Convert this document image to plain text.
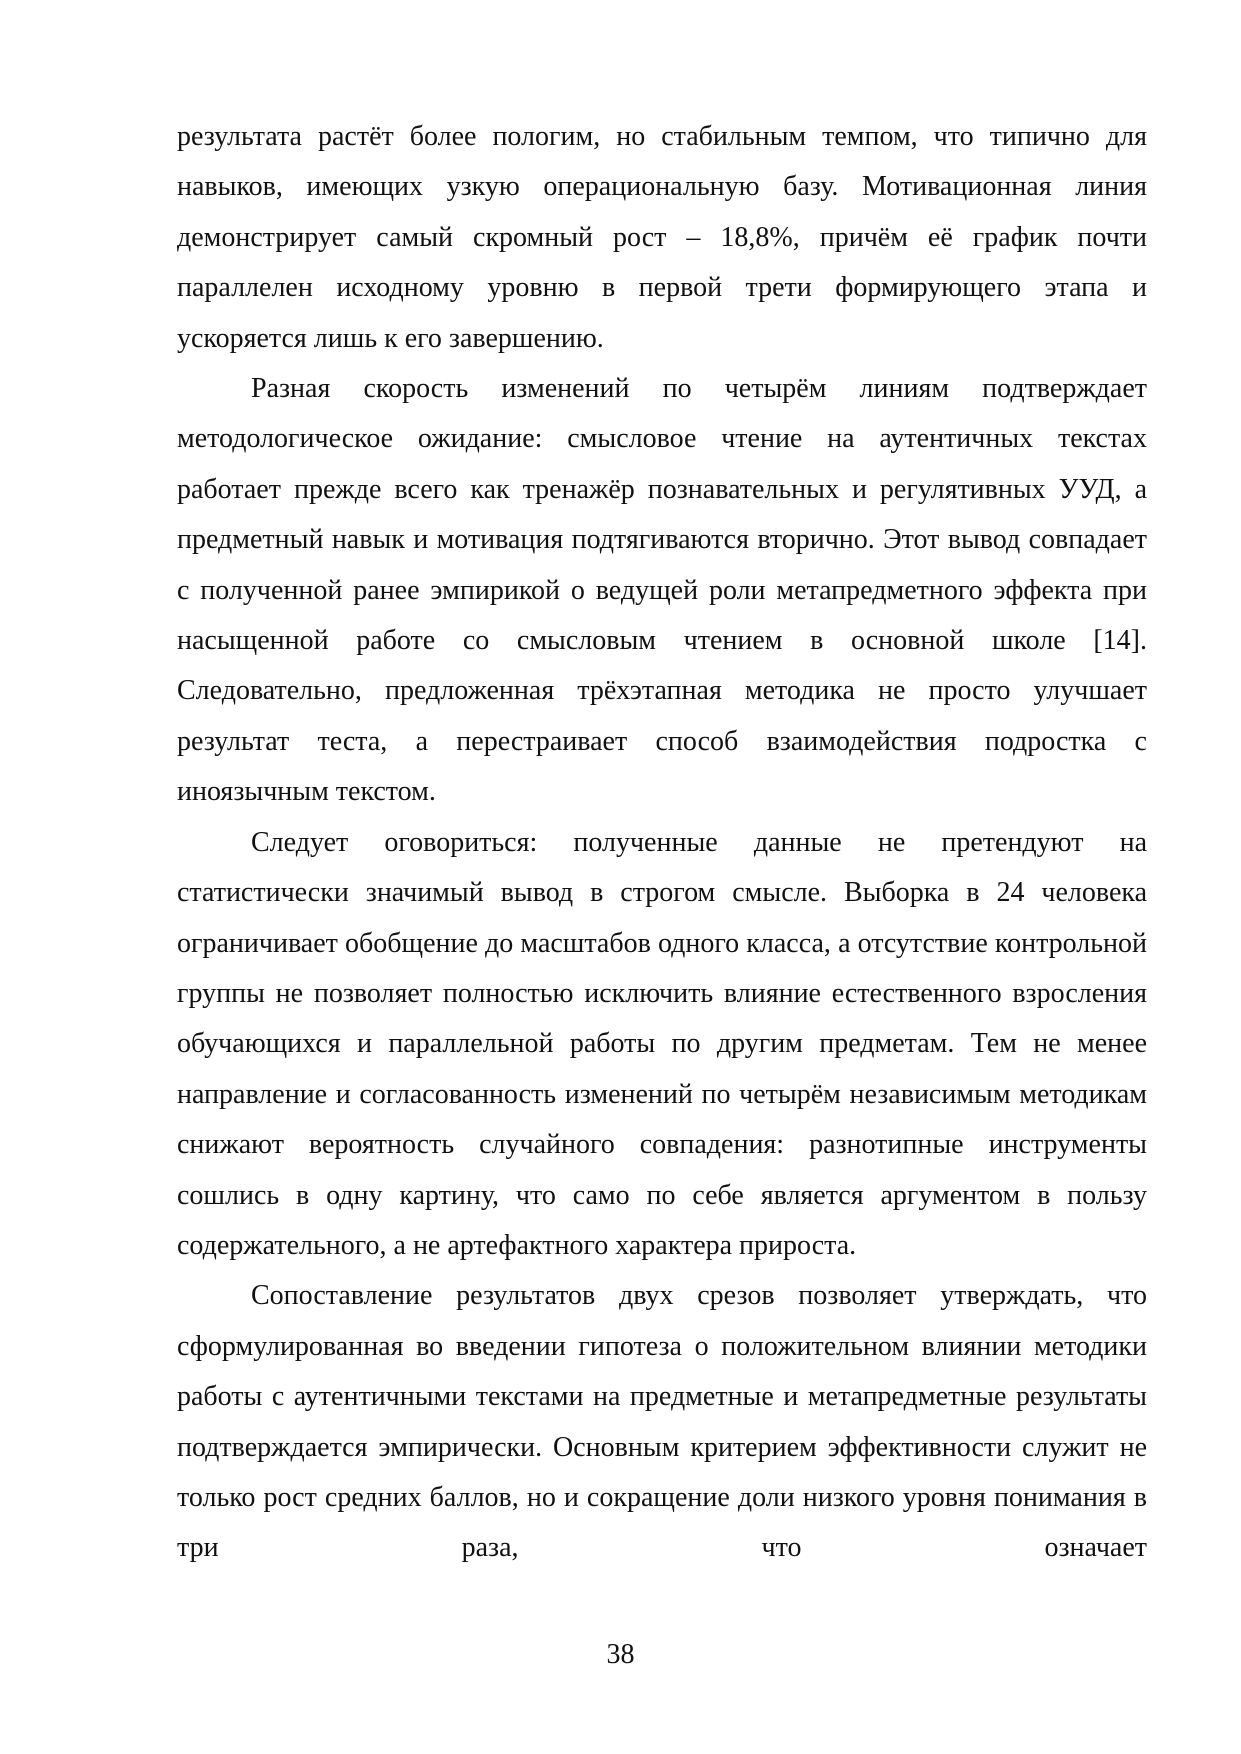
результата растёт более пологим, но стабильным темпом, что типично для навыков, имеющих узкую операциональную базу. Мотивационная линия демонстрирует самый скромный рост – 18,8%, причём её график почти параллелен исходному уровню в первой трети формирующего этапа и ускоряется лишь к его завершению.

Разная скорость изменений по четырём линиям подтверждает методологическое ожидание: смысловое чтение на аутентичных текстах работает прежде всего как тренажёр познавательных и регулятивных УУД, а предметный навык и мотивация подтягиваются вторично. Этот вывод совпадает с полученной ранее эмпирикой о ведущей роли метапредметного эффекта при насыщенной работе со смысловым чтением в основной школе [14]. Следовательно, предложенная трёхэтапная методика не просто улучшает результат теста, а перестраивает способ взаимодействия подростка с иноязычным текстом.

Следует оговориться: полученные данные не претендуют на статистически значимый вывод в строгом смысле. Выборка в 24 человека ограничивает обобщение до масштабов одного класса, а отсутствие контрольной группы не позволяет полностью исключить влияние естественного взросления обучающихся и параллельной работы по другим предметам. Тем не менее направление и согласованность изменений по четырём независимым методикам снижают вероятность случайного совпадения: разнотипные инструменты сошлись в одну картину, что само по себе является аргументом в пользу содержательного, а не артефактного характера прироста.

Сопоставление результатов двух срезов позволяет утверждать, что сформулированная во введении гипотеза о положительном влиянии методики работы с аутентичными текстами на предметные и метапредметные результаты подтверждается эмпирически. Основным критерием эффективности служит не только рост средних баллов, но и сокращение доли низкого уровня понимания в три раза, что означает

38
